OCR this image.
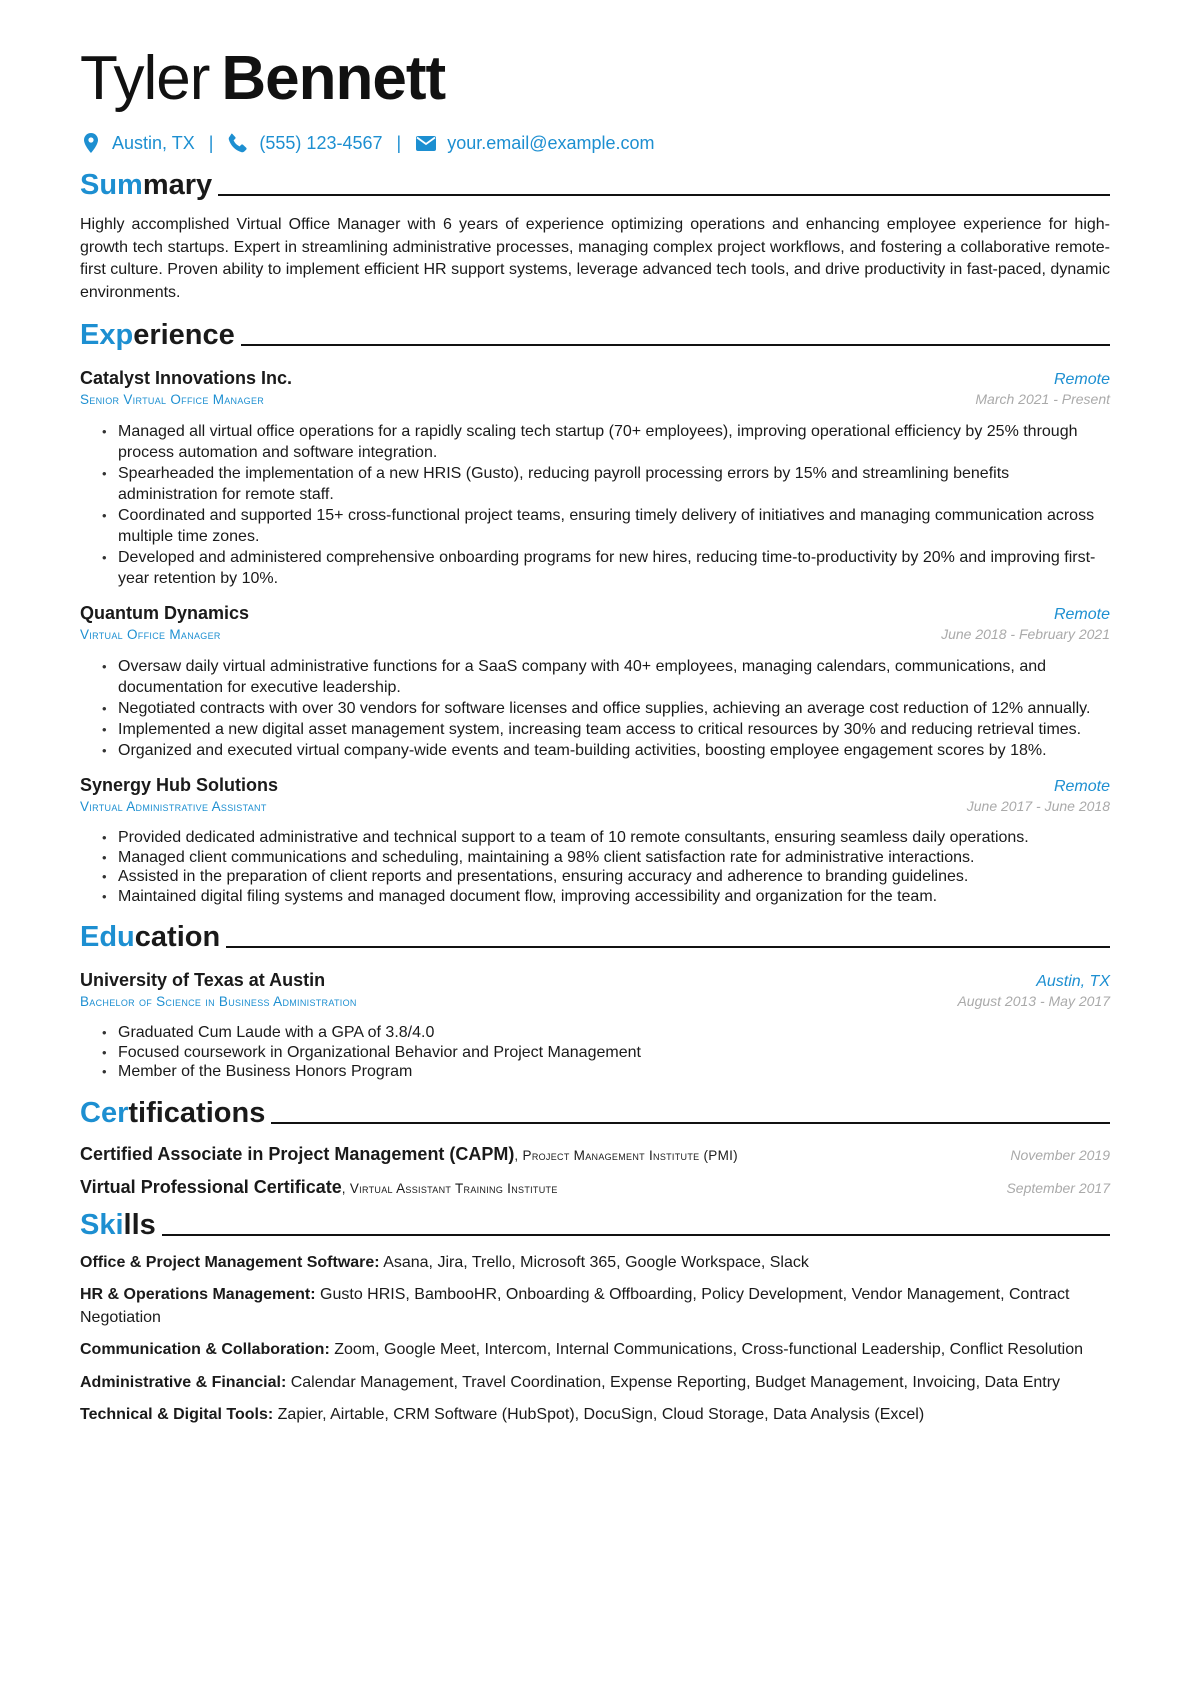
Tyler Bennett
Austin, TX |	(555) 123-4567 |	your.email@example.com
Summary

Highly accomplished Virtual Office Manager with 6 years of experience optimizing operations and enhancing employee experience for high-growth tech startups. Expert in streamlining administrative processes, managing complex project workflows, and fostering a collaborative remote-first culture. Proven ability to implement efficient HR support systems, leverage advanced tech tools, and drive productivity in fast-paced, dynamic environments.

Experience
Catalyst Innovations Inc.	Remote
Senior Virtual Office Manager	March 2021 - Present
• Managed all virtual office operations for a rapidly scaling tech startup (70+ employees), improving operational efficiency by 25% through process automation and software integration.
• Spearheaded the implementation of a new HRIS (Gusto), reducing payroll processing errors by 15% and streamlining benefits administration for remote staff.
• Coordinated and supported 15+ cross-functional project teams, ensuring timely delivery of initiatives and managing communication across multiple time zones.
• Developed and administered comprehensive onboarding programs for new hires, reducing time-to-productivity by 20% and improving first-year retention by 10%.
Quantum Dynamics	Remote
Virtual Office Manager	June 2018 - February 2021
• Oversaw daily virtual administrative functions for a SaaS company with 40+ employees, managing calendars, communications, and documentation for executive leadership.
• Negotiated contracts with over 30 vendors for software licenses and office supplies, achieving an average cost reduction of 12% annually.
• Implemented a new digital asset management system, increasing team access to critical resources by 30% and reducing retrieval times.
• Organized and executed virtual company-wide events and team-building activities, boosting employee engagement scores by 18%.
Synergy Hub Solutions	Remote
Virtual Administrative Assistant	June 2017 - June 2018
• Provided dedicated administrative and technical support to a team of 10 remote consultants, ensuring seamless daily operations.
• Managed client communications and scheduling, maintaining a 98% client satisfaction rate for administrative interactions.
• Assisted in the preparation of client reports and presentations, ensuring accuracy and adherence to branding guidelines.
• Maintained digital filing systems and managed document flow, improving accessibility and organization for the team.
Education
University of Texas at Austin	Austin, TX
Bachelor of Science in Business Administration	August 2013 - May 2017
• Graduated Cum Laude with a GPA of 3.8/4.0
• Focused coursework in Organizational Behavior and Project Management
• Member of the Business Honors Program
Certifications
Certified Associate in Project Management (CAPM), Project Management Institute (PMI)	November 2019
Virtual Professional Certificate, Virtual Assistant Training Institute	September 2017
Skills

Office & Project Management Software: Asana, Jira, Trello, Microsoft 365, Google Workspace, Slack

HR & Operations Management: Gusto HRIS, BambooHR, Onboarding & Offboarding, Policy Development, Vendor Management, Contract Negotiation

Communication & Collaboration: Zoom, Google Meet, Intercom, Internal Communications, Cross-functional Leadership, Conflict Resolution

Administrative & Financial: Calendar Management, Travel Coordination, Expense Reporting, Budget Management, Invoicing, Data Entry

Technical & Digital Tools: Zapier, Airtable, CRM Software (HubSpot), DocuSign, Cloud Storage, Data Analysis (Excel)
